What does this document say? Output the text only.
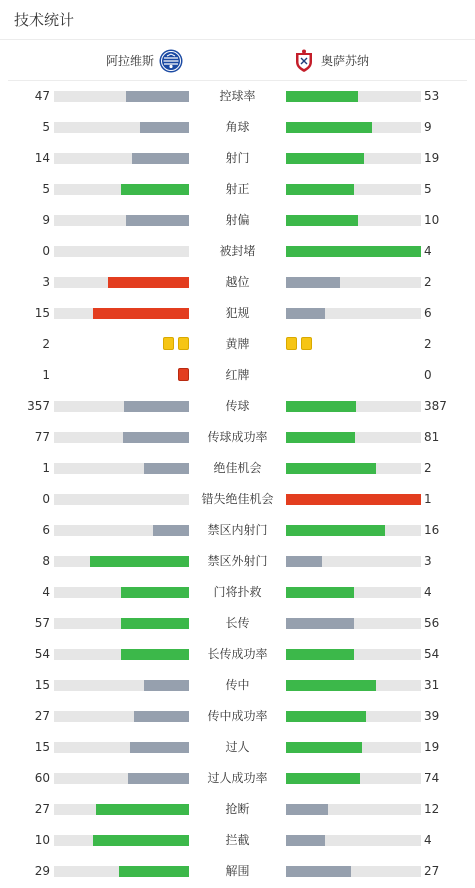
技术统计
阿拉维斯	奥萨苏纳
47	控球率	53
5	角球	9
14	射门	19
5	射正	5
9	射偏	10
0	被封堵	4
3	越位	2
15	犯规	6
2	黄牌	2
1	红牌	0
357	传球	387
77	传球成功率	81
1	绝佳机会	2
0	错失绝佳机会	1
6	禁区内射门	16
8	禁区外射门	3
4	门将扑救	4
57	长传	56
54	长传成功率	54
15	传中	31
27	传中成功率	39
15	过人	19
60	过人成功率	74
27	抢断	12
10	拦截	4
29	解围	27
